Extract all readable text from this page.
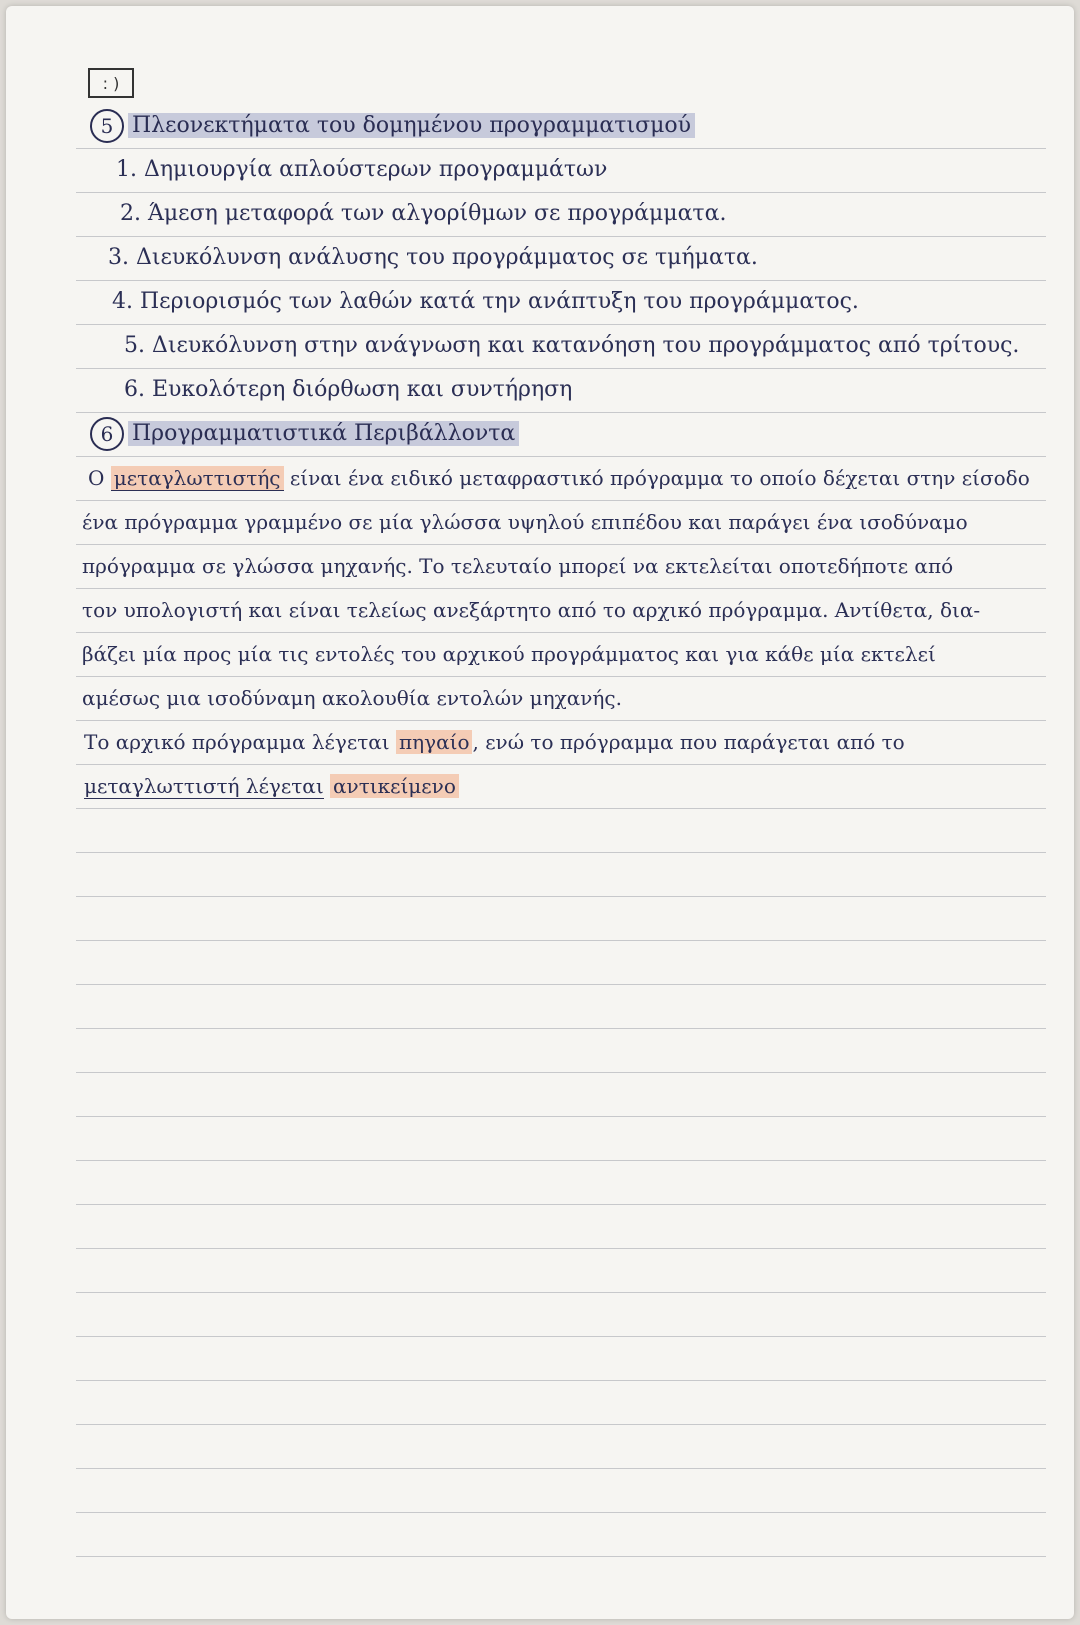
: )
5 Πλεονεκτήματα του δομημένου προγραμματισμού
1. Δημιουργία απλούστερων προγραμμάτων
2. Άμεση μεταφορά των αλγορίθμων σε προγράμματα.
3. Διευκόλυνση ανάλυσης του προγράμματος σε τμήματα.
4. Περιορισμός των λαθών κατά την ανάπτυξη του προγράμματος.
5. Διευκόλυνση στην ανάγνωση και κατανόηση του προγράμματος από τρίτους.
6. Ευκολότερη διόρθωση και συντήρηση
6 Προγραμματιστικά Περιβάλλοντα
Ο μεταγλωττιστής είναι ένα ειδικό μεταφραστικό πρόγραμμα το οποίο δέχεται στην είσοδο
ένα πρόγραμμα γραμμένο σε μία γλώσσα υψηλού επιπέδου και παράγει ένα ισοδύναμο
πρόγραμμα σε γλώσσα μηχανής. Το τελευταίο μπορεί να εκτελείται οποτεδήποτε από
τον υπολογιστή και είναι τελείως ανεξάρτητο από το αρχικό πρόγραμμα. Αντίθετα, δια-
βάζει μία προς μία τις εντολές του αρχικού προγράμματος και για κάθε μία εκτελεί
αμέσως μια ισοδύναμη ακολουθία εντολών μηχανής.
Το αρχικό πρόγραμμα λέγεται πηγαίο , ενώ το πρόγραμμα που παράγεται από το
μεταγλωττιστή λέγεται αντικείμενο
